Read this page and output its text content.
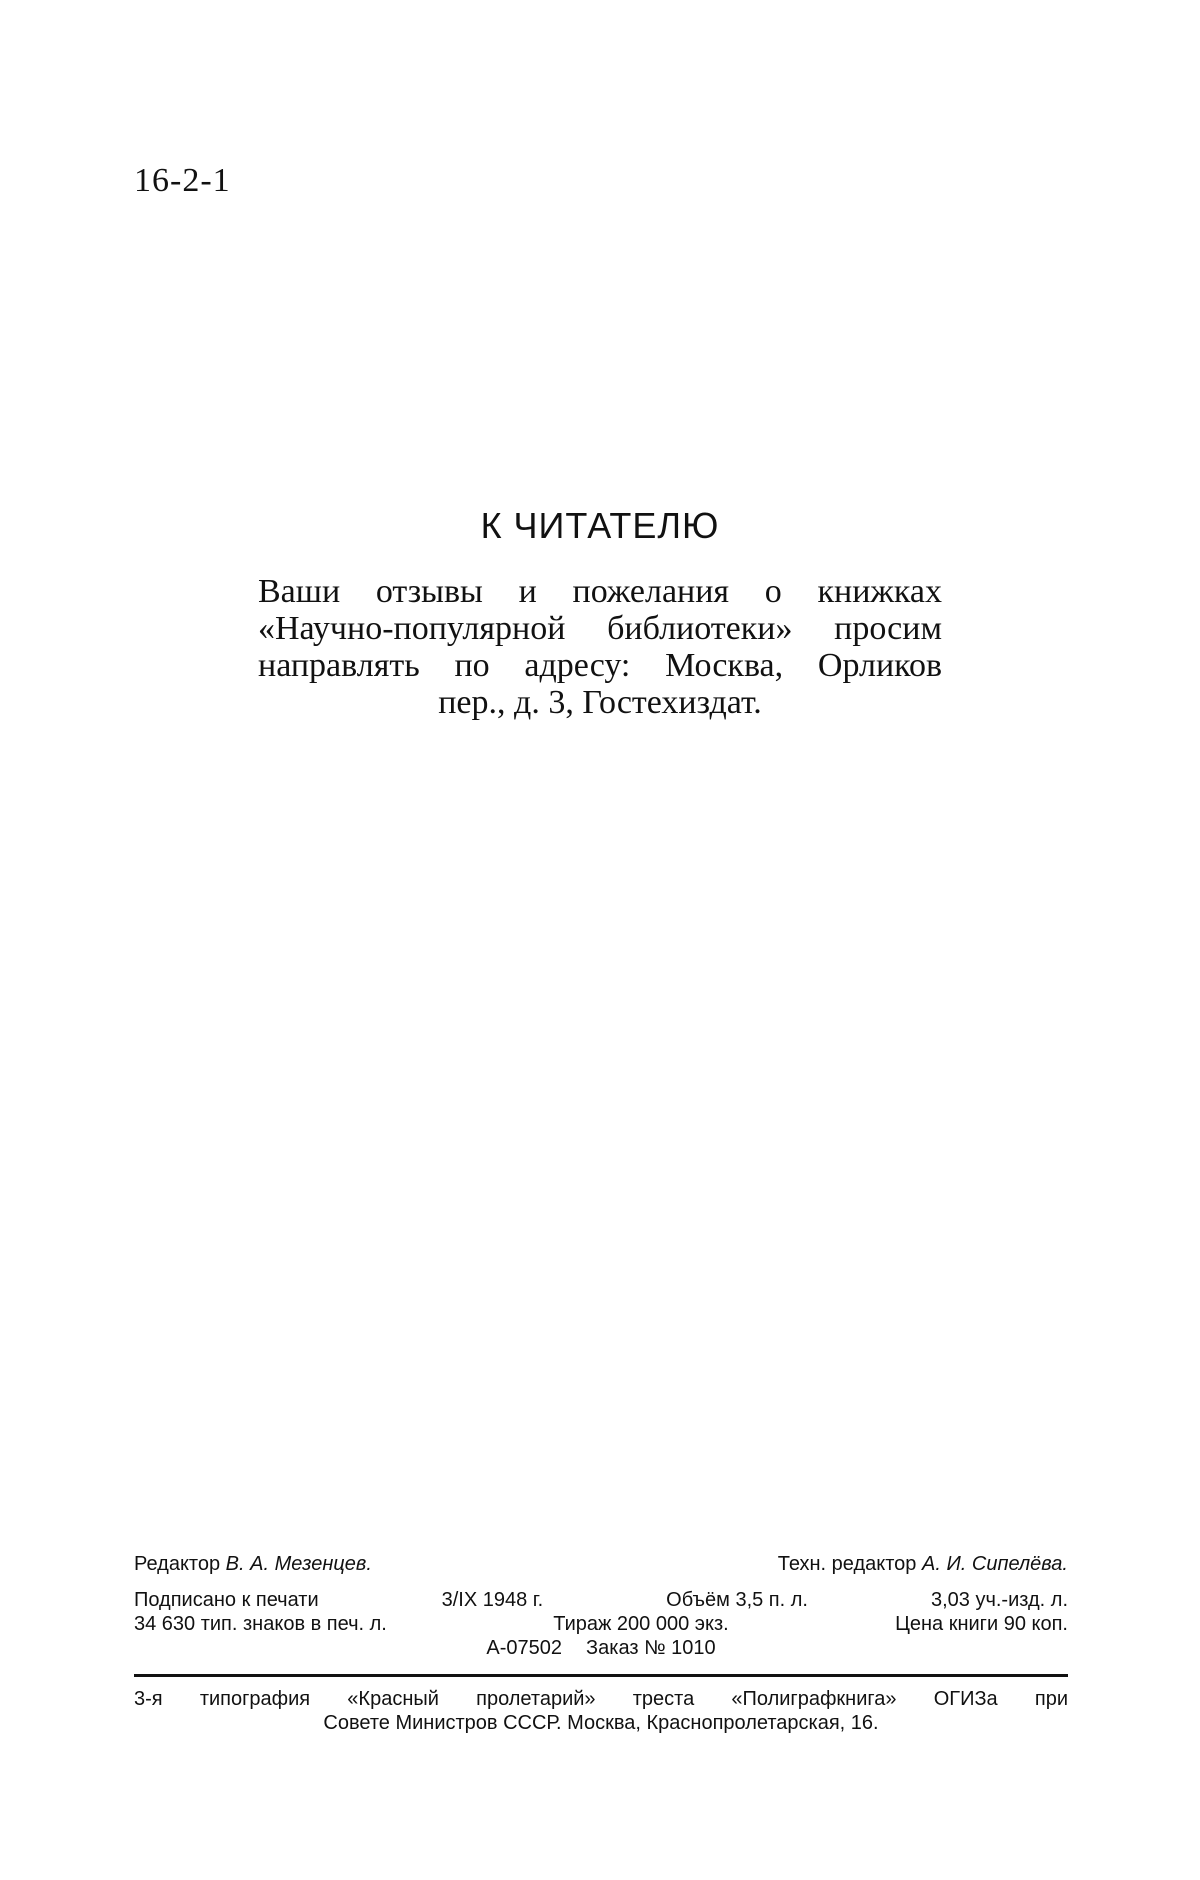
16-2-1
К ЧИТАТЕЛЮ
Ваши отзывы и пожелания о книжках
«Научно-популярной библиотеки» просим
направлять по адресу: Москва, Орликов
пер., д. 3, Гостехиздат.
Редактор В. А. Мезенцев.	Техн. редактор А. И. Сипелёва.
Подписано к печати	3/IX 1948 г.	Объём 3,5 п. л.	3,03 уч.-изд. л.
34 630 тип. знаков в печ. л.	Тираж 200 000 экз.	Цена книги 90 коп.
А-07502 Заказ № 1010
3-я типография «Красный пролетарий» треста «Полиграфкнига» ОГИЗа при
Совете Министров СССР. Москва, Краснопролетарская, 16.
